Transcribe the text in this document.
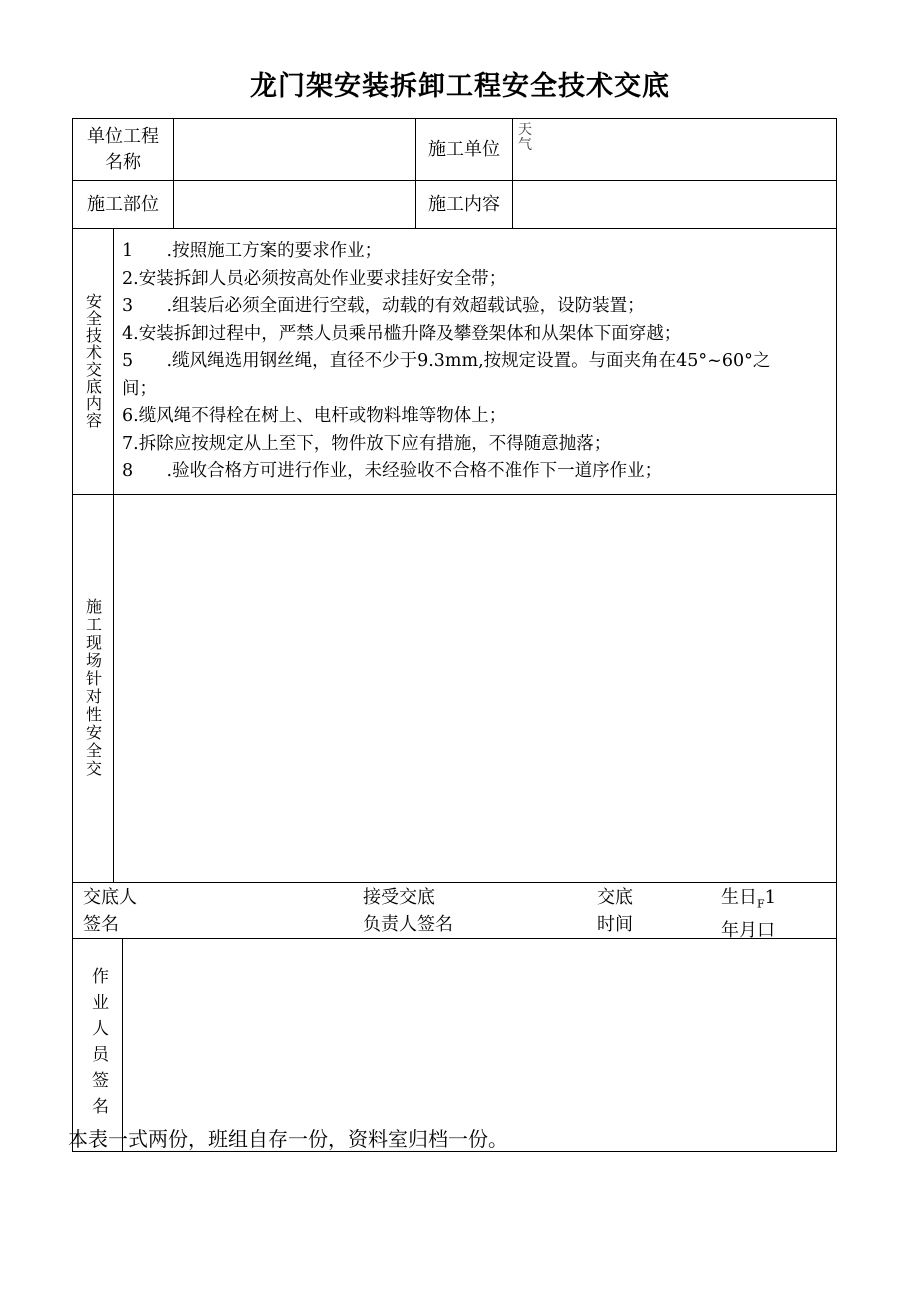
龙门架安装拆卸工程安全技术交底
单位工程
名称
施工单位
天 气
施工部位	施工内容
安全技术交底内容
1      .按照施工方案的要求作业；
2.安装拆卸人员必须按高处作业要求挂好安全带；
3      .组装后必须全面进行空载，动载的有效超载试验，设防装置；
4.安装拆卸过程中，严禁人员乘吊槛升降及攀登架体和从架体下面穿越；
5      .缆风绳选用钢丝绳，直径不少于9.3mm,按规定设置。与面夹角在45°~60°之
间；
6.缆风绳不得栓在树上、电杆或物料堆等物体上；
7.拆除应按规定从上至下，物件放下应有措施，不得随意抛落；
8      .验收合格方可进行作业，未经验收不合格不准作下一道序作业；
施工现场针对性安全交
交底人
签名
接受交底
负责人签名
交底
时间
生日$_F$1
年月口
作业人员签名
本表一式两份，班组自存一份，资料室归档一份。
